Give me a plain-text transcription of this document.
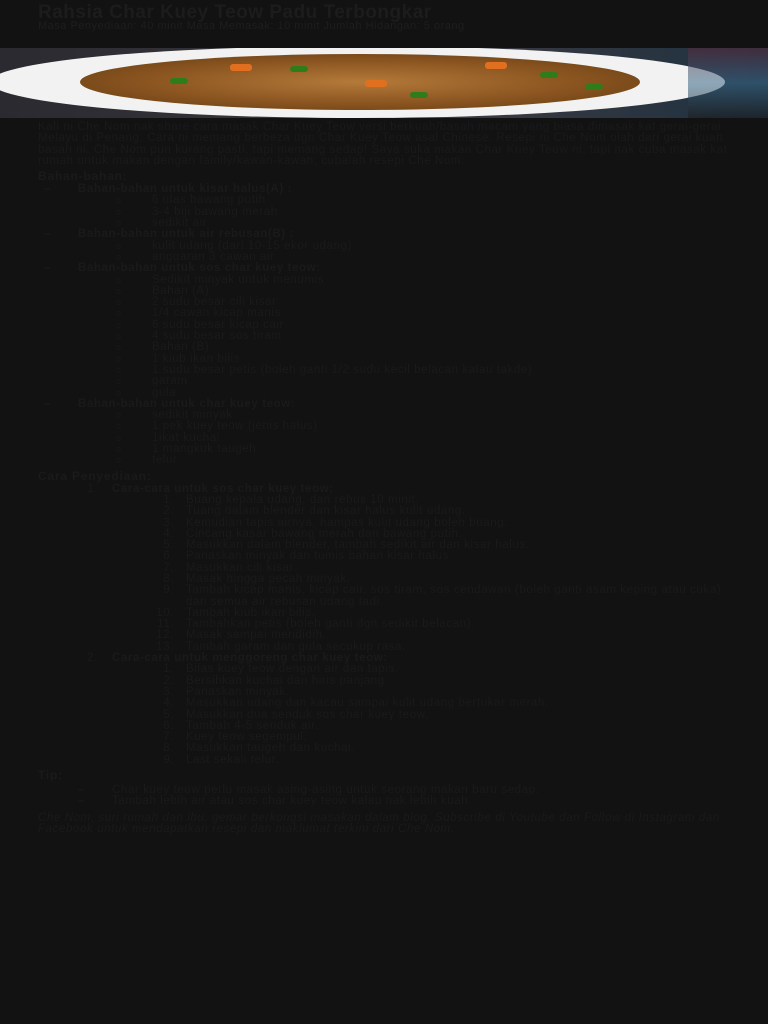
Rahsia Char Kuey Teow Padu Terbongkar
Masa Penyediaan: 40 minit Masa Memasak: 10 minit Jumlah Hidangan: 5 orang

Kali ni Che Nom nak share cara masak Char Kuey Teow versi berkuah/basah macam yang biasa dimasak kat gerai-gerai Melayu di Penang. Cara ni memang berbeza dgn Char Kuey Teow asal Chinese. Resepi ni Che Nom olah dari gerai kuah basah ni. Che Nom pun kurang pasti, tapi memang sedap! Saya suka makan Char Kuey Teow ni, tapi nak cuba masak kat rumah untuk makan dengan family/kawan-kawan, cubalah resepi Che Nom.

Bahan-bahan:
– Bahan-bahan untuk kisar halus(A) :
o 6 ulas bawang putih
o 3-4 biji bawang merah
o sedikit air
– Bahan-bahan untuk air rebusan(B) :
o kulit udang (dari 10-15 ekor udang)
o anggaran 3 cawan air
– Bahan-bahan untuk sos char kuey teow:
o Sedikit minyak untuk menumis
o Bahan (A)
o 2 sudu besar cili kisar
o 1/4 cawan kicap manis
o 6 sudu besar kicap cair
o 4 sudu besar sos tiram
o Bahan (B)
o 1 kiub ikan bilis
o 1 sudu besar petis (boleh ganti 1/2 sudu kecil belacan kalau takde)
o garam
o gula
– Bahan-bahan untuk char kuey teow:
o sedikit minyak
o 1 pek kuey teow (jenis halus)
o 1ikat kuchai
o 1 mangkuk taugeh
o telur
Cara Penyediaan:
1. Cara-cara untuk sos char kuey teow:
1. Buang kepala udang, dan rebus 10 minit.
2. Tuang dalam blender dan kisar halus kulit udang.
3. Kemudian tapis airnya, hampas kulit udang boleh buang.
4. Cincang kasar bawang merah dan bawang putih.
5. Masukkan dalam blender, tambah sedikit air dan kisar halus.
6. Panaskan minyak dan tumis bahan kisar halus.
7. Masukkan cili kisar.
8. Masak hingga pecah minyak.
9. Tambah kicap manis, kicap cair, sos tiram, sos cendawan (boleh ganti asam keping atau cuka) dan semua air rebusan udang tadi.
10. Tambah kiub ikan bilis.
11. Tambahkan petis (boleh ganti dgn sedikit belacan).
12. Masak sampai mendidih.
13. Tambah garam dan gula secukup rasa.
2. Cara-cara untuk menggoreng char kuey teow:
1. Bilas kuey teow dengan air dan tapis.
2. Bersihkan kuchai dan hiris panjang.
3. Panaskan minyak.
4. Masukkan udang dan kacau sampai kulit udang bertukar merah.
5. Masukkan dua senduk sos char kuey teow.
6. Tambah 4-5 senduk air.
7. Kuey teow segempul.
8. Masukkan taugeh dan kuchai.
9. Last sekali telur.
Tip:
– Char kuey teow perlu masak asing-asing untuk seorang makan baru sedap.
– Tambah lebih air atau sos char kuey teow kalau nak lebih kuah.
Che Nom, suri rumah dan ibu, gemar berkongsi masakan dalam blog. Subscribe di Youtube dan Follow di Instagram dan Facebook untuk mendapatkan resepi dan maklumat terkini dari Che Nom.
